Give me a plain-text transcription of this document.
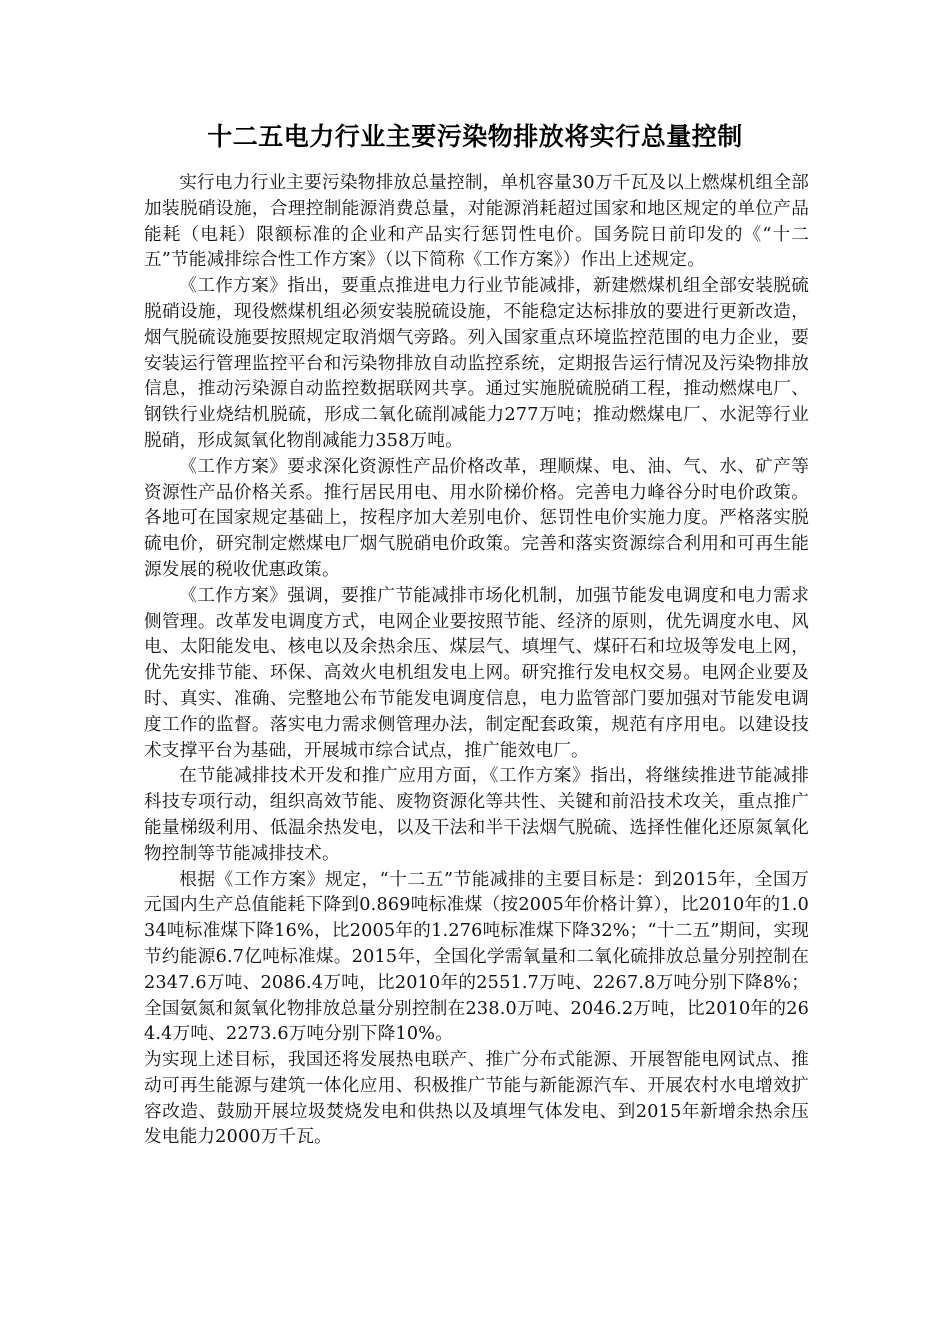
十二五电力行业主要污染物排放将实行总量控制

实行电力行业主要污染物排放总量控制，单机容量30万千瓦及以上燃煤机组全部加装脱硝设施，合理控制能源消费总量，对能源消耗超过国家和地区规定的单位产品能耗（电耗）限额标准的企业和产品实行惩罚性电价。国务院日前印发的《“十二五”节能减排综合性工作方案》（以下简称《工作方案》）作出上述规定。

《工作方案》指出，要重点推进电力行业节能减排，新建燃煤机组全部安装脱硫脱硝设施，现役燃煤机组必须安装脱硫设施，不能稳定达标排放的要进行更新改造，烟气脱硫设施要按照规定取消烟气旁路。列入国家重点环境监控范围的电力企业，要安装运行管理监控平台和污染物排放自动监控系统，定期报告运行情况及污染物排放信息，推动污染源自动监控数据联网共享。通过实施脱硫脱硝工程，推动燃煤电厂、钢铁行业烧结机脱硫，形成二氧化硫削减能力277万吨；推动燃煤电厂、水泥等行业脱硝，形成氮氧化物削减能力358万吨。

《工作方案》要求深化资源性产品价格改革，理顺煤、电、油、气、水、矿产等资源性产品价格关系。推行居民用电、用水阶梯价格。完善电力峰谷分时电价政策。各地可在国家规定基础上，按程序加大差别电价、惩罚性电价实施力度。严格落实脱硫电价，研究制定燃煤电厂烟气脱硝电价政策。完善和落实资源综合利用和可再生能源发展的税收优惠政策。

《工作方案》强调，要推广节能减排市场化机制，加强节能发电调度和电力需求侧管理。改革发电调度方式，电网企业要按照节能、经济的原则，优先调度水电、风电、太阳能发电、核电以及余热余压、煤层气、填埋气、煤矸石和垃圾等发电上网，优先安排节能、环保、高效火电机组发电上网。研究推行发电权交易。电网企业要及时、真实、准确、完整地公布节能发电调度信息，电力监管部门要加强对节能发电调度工作的监督。落实电力需求侧管理办法，制定配套政策，规范有序用电。以建设技术支撑平台为基础，开展城市综合试点，推广能效电厂。

在节能减排技术开发和推广应用方面，《工作方案》指出，将继续推进节能减排科技专项行动，组织高效节能、废物资源化等共性、关键和前沿技术攻关，重点推广能量梯级利用、低温余热发电，以及干法和半干法烟气脱硫、选择性催化还原氮氧化物控制等节能减排技术。

根据《工作方案》规定，“十二五”节能减排的主要目标是：到2015年，全国万元国内生产总值能耗下降到0.869吨标准煤（按2005年价格计算），比2010年的1.034吨标准煤下降16%，比2005年的1.276吨标准煤下降32%；“十二五”期间，实现节约能源6.7亿吨标准煤。2015年，全国化学需氧量和二氧化硫排放总量分别控制在2347.6万吨、2086.4万吨，比2010年的2551.7万吨、2267.8万吨分别下降8%；全国氨氮和氮氧化物排放总量分别控制在238.0万吨、2046.2万吨，比2010年的264.4万吨、2273.6万吨分别下降10%。

为实现上述目标，我国还将发展热电联产、推广分布式能源、开展智能电网试点、推动可再生能源与建筑一体化应用、积极推广节能与新能源汽车、开展农村水电增效扩容改造、鼓励开展垃圾焚烧发电和供热以及填埋气体发电、到2015年新增余热余压发电能力2000万千瓦。
